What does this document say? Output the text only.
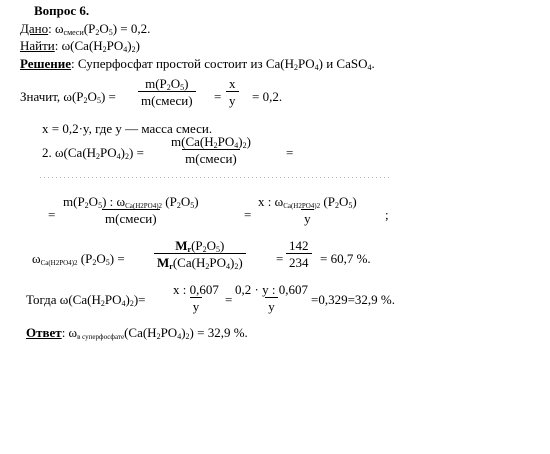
Вопрос 6.
Дано: $\omega_{смеси}(P_2O_5) = 0,2$.
Найти: $\omega(Ca(H_2PO_4)_2)$
Решение: Суперфосфат простой состоит из $Ca(H_2PO_4)$ и CaSO$_4$.
Значит, $\omega(P_2O_5)$ =
$m(P_2O_5)$
m(смеси) = $\frac{x}{y} = 0,2$.
x = 0,2·y, где y — масса смеси.
2. $\omega(Ca(H_2PO_4)_2)$ =
$m(Ca(H_2PO_4)_2)$
m(смеси)	=
=
$m(P_2O_5)$ : ωCa(H2PO4)2 $(P_2O_5)$
m(смеси)	=
x : ωCa(H2PO4)2 $(P_2O_5)$
y	;
ωCa(H2PO4)2 $(P_2O_5) = \frac{M_r(P_2O_5)}{M_r(Ca(H_2PO_4)_2)} = \frac{142}{234} = 60,7$ %.
Тогда $\omega(Ca(H_2PO_4)_2)= \frac{x : 0,607}{y} = \frac{0,2 \cdot y : 0,607}{y} =0,329=32,9$ %.
Ответ: ωв $суперфосфате(Ca(H_2PO_4)_2) = 32,9$ %.
